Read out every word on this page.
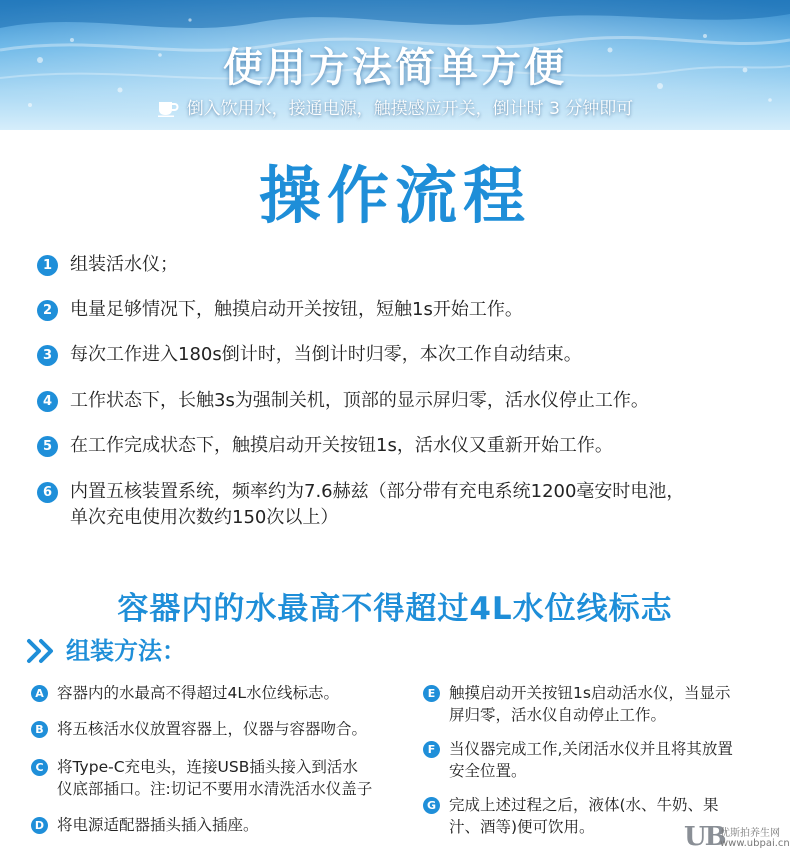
使用方法简单方便
倒入饮用水，接通电源，触摸感应开关，倒计时 3 分钟即可
操作流程
1 组装活水仪；
2 电量足够情况下，触摸启动开关按钮，短触1s开始工作。
3 每次工作进入180s倒计时，当倒计时归零，本次工作自动结束。
4 工作状态下，长触3s为强制关机，顶部的显示屏归零，活水仪停止工作。
5 在工作完成状态下，触摸启动开关按钮1s，活水仪又重新开始工作。
6 内置五核装置系统，频率约为7.6赫兹（部分带有充电系统1200毫安时电池，
单次充电使用次数约150次以上）
容器内的水最高不得超过4L水位线标志
组装方法：
A 容器内的水最高不得超过4L水位线标志。
B 将五核活水仪放置容器上，仪器与容器吻合。
C 将Type-C充电头，连接USB插头接入到活水
仪底部插口。注:切记不要用水清洗活水仪盖子
D 将电源适配器插头插入插座。
E 触摸启动开关按钮1s启动活水仪，当显示
屏归零，活水仪自动停止工作。
F 当仪器完成工作,关闭活水仪并且将其放置
安全位置。
G 完成上述过程之后，液体(水、牛奶、果
汁、酒等)便可饮用。	UB
优斯拍养生网
www.ubpai.cn
